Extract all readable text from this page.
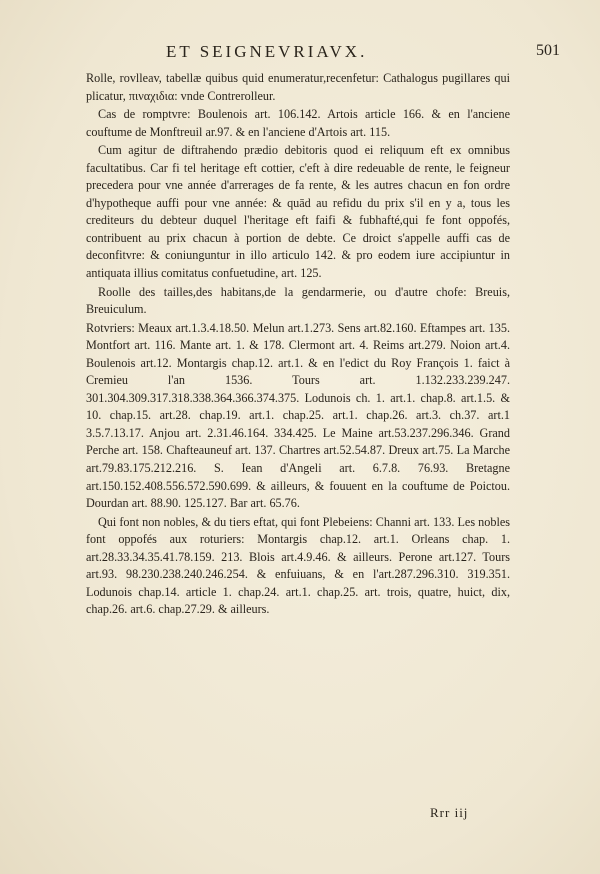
ET SEIGNEVRIAVX.	501

Rolle, rovlleav, tabellæ quibus quid enumeratur,recenfetur: Cathalogus pugillares qui plicatur, πιναχιδια: vnde Contrerolleur.

Cas de romptvre: Boulenois art. 106.142. Artois article 166. & en l'anciene couftume de Monftreuil ar.97. & en l'anciene d'Artois art. 115.

Cum agitur de diftrahendo prædio debitoris quod ei reliquum eft ex omnibus facultatibus. Car fi tel heritage eft cottier, c'eft à dire redeuable de rente, le feigneur precedera pour vne année d'arrerages de fa rente, & les autres chacun en fon ordre d'hypotheque auffi pour vne année: & quād au refidu du prix s'il en y a, tous les crediteurs du debteur duquel l'heritage eft faifi & fubhafté,qui fe font oppofés, contribuent au prix chacun à portion de debte. Ce droict s'appelle auffi cas de deconfitvre: & coniunguntur in illo articulo 142. & pro eodem iure accipiuntur in antiquata illius comitatus confuetudine, art. 125.

Roolle des tailles,des habitans,de la gendarmerie, ou d'autre chofe: Breuis, Breuiculum.

Rotvriers: Meaux art.1.3.4.18.50. Melun art.1.273. Sens art.82.160. Eftampes art. 135. Montfort art. 116. Mante art. 1. & 178. Clermont art. 4. Reims art.279. Noion art.4. Boulenois art.12. Montargis chap.12. art.1. & en l'edict du Roy François 1. faict à Cremieu l'an 1536. Tours art. 1.132.233.239.247. 301.304.309.317.318.338.364.366.374.375. Lodunois ch. 1. art.1. chap.8. art.1.5. & 10. chap.15. art.28. chap.19. art.1. chap.25. art.1. chap.26. art.3. ch.37. art.1 3.5.7.13.17. Anjou art. 2.31.46.164. 334.425. Le Maine art.53.237.296.346. Grand Perche art. 158. Chafteauneuf art. 137. Chartres art.52.54.87. Dreux art.75. La Marche art.79.83.175.212.216. S. Iean d'Angeli art. 6.7.8. 76.93. Bretagne art.150.152.408.556.572.590.699. & ailleurs, & fouuent en la couftume de Poictou. Dourdan art. 88.90. 125.127. Bar art. 65.76.

Qui font non nobles, & du tiers eftat, qui font Plebeiens: Channi art. 133. Les nobles font oppofés aux roturiers: Montargis chap.12. art.1. Orleans chap. 1. art.28.33.34.35.41.78.159. 213. Blois art.4.9.46. & ailleurs. Perone art.127. Tours art.93. 98.230.238.240.246.254. & enfuiuans, & en l'art.287.296.310. 319.351. Lodunois chap.14. article 1. chap.24. art.1. chap.25. art. trois, quatre, huict, dix, chap.26. art.6. chap.27.29. & ailleurs.

Rrr iij
